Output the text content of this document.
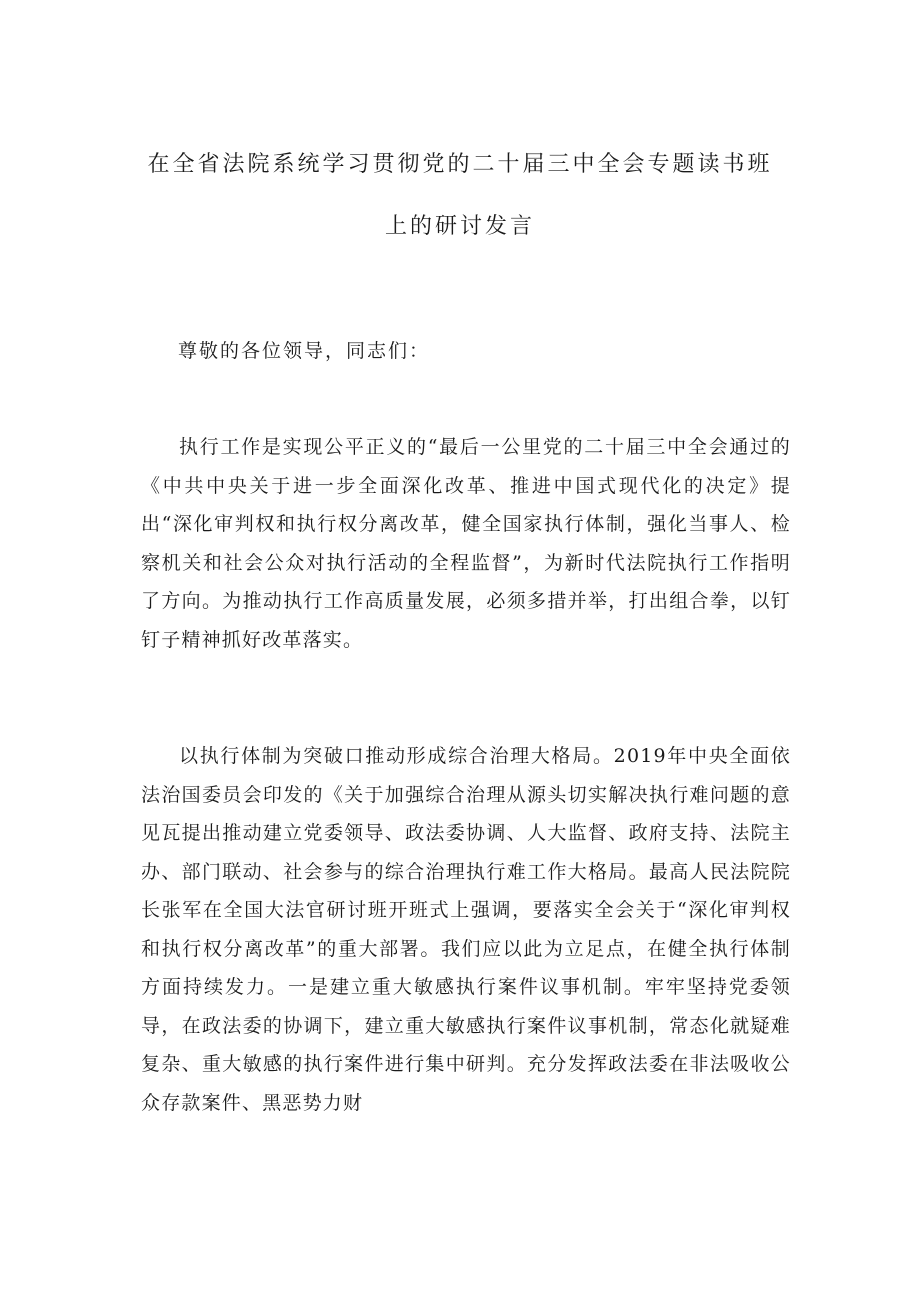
在全省法院系统学习贯彻党的二十届三中全会专题读书班
上的研讨发言
尊敬的各位领导，同志们：

执行工作是实现公平正义的“最后一公里党的二十届三中全会通过的《中共中央关于进一步全面深化改革、推进中国式现代化的决定》提出“深化审判权和执行权分离改革，健全国家执行体制，强化当事人、检察机关和社会公众对执行活动的全程监督”，为新时代法院执行工作指明了方向。为推动执行工作高质量发展，必须多措并举，打出组合拳，以钉钉子精神抓好改革落实。

以执行体制为突破口推动形成综合治理大格局。2019年中央全面依法治国委员会印发的《关于加强综合治理从源头切实解决执行难问题的意见瓦提出推动建立党委领导、政法委协调、人大监督、政府支持、法院主办、部门联动、社会参与的综合治理执行难工作大格局。最高人民法院院长张军在全国大法官研讨班开班式上强调，要落实全会关于“深化审判权和执行权分离改革”的重大部署。我们应以此为立足点，在健全执行体制方面持续发力。一是建立重大敏感执行案件议事机制。牢牢坚持党委领导，在政法委的协调下，建立重大敏感执行案件议事机制，常态化就疑难复杂、重大敏感的执行案件进行集中研判。充分发挥政法委在非法吸收公众存款案件、黑恶势力财
